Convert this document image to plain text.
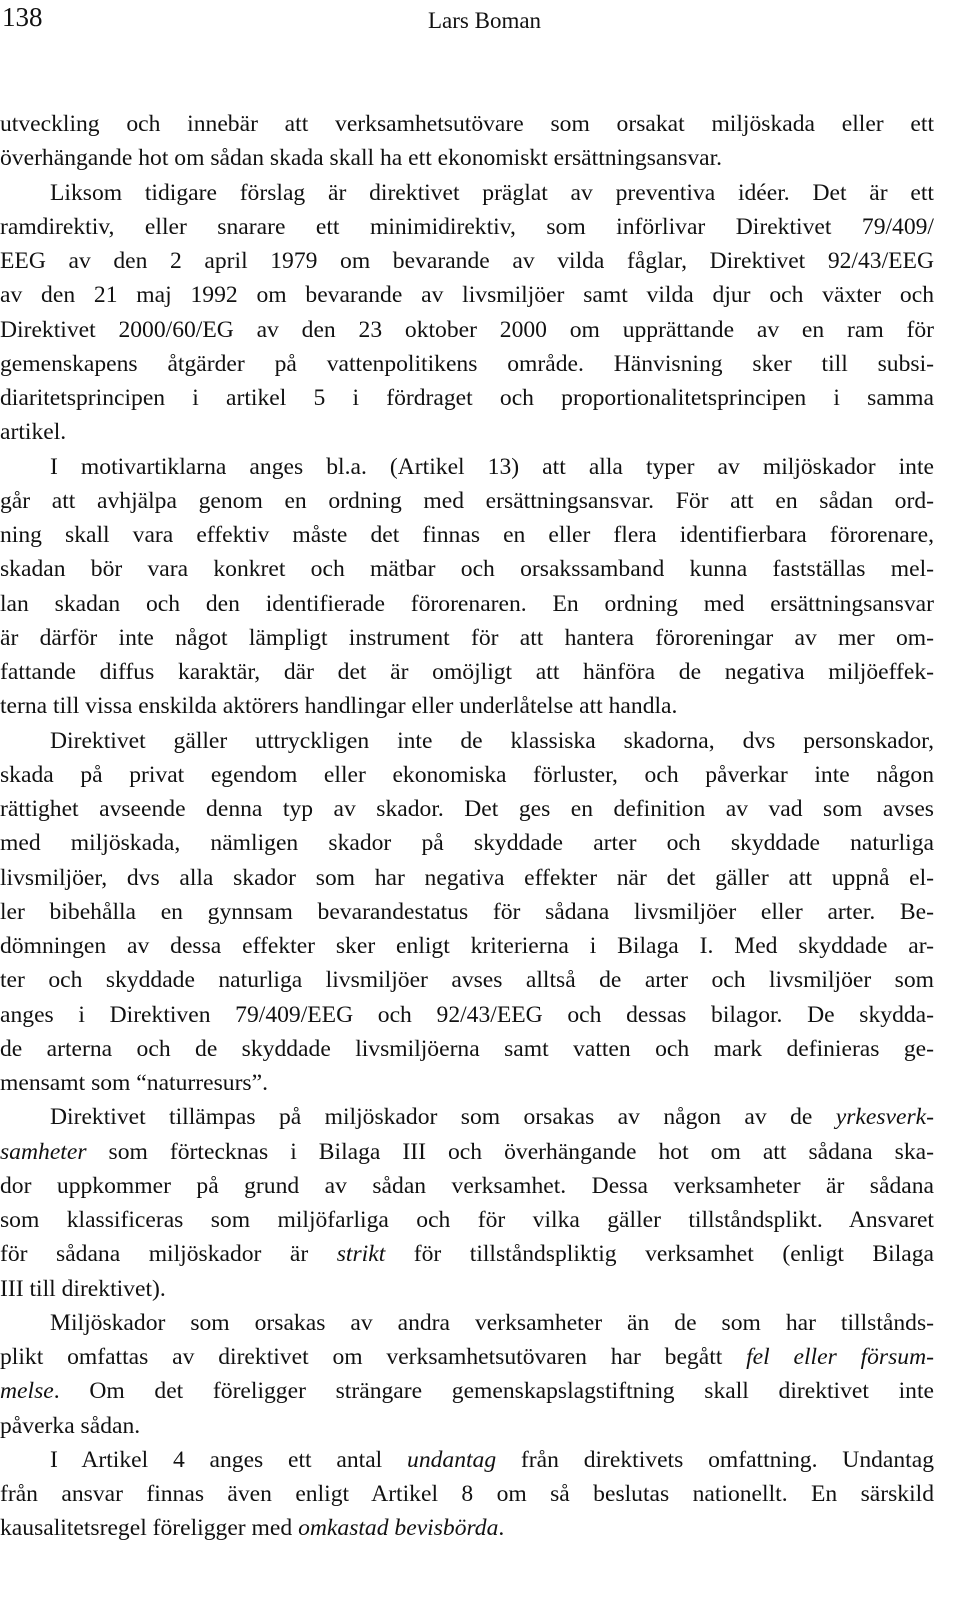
138	Lars Boman
utveckling och innebär att verksamhetsutövare som orsakat miljöskada eller ett
överhängande hot om sådan skada skall ha ett ekonomiskt ersättningsansvar.
Liksom tidigare förslag är direktivet präglat av preventiva idéer. Det är ett
ramdirektiv, eller snarare ett minimidirektiv, som införlivar Direktivet 79/409/
EEG av den 2 april 1979 om bevarande av vilda fåglar, Direktivet 92/43/EEG
av den 21 maj 1992 om bevarande av livsmiljöer samt vilda djur och växter och
Direktivet 2000/60/EG av den 23 oktober 2000 om upprättande av en ram för
gemenskapens åtgärder på vattenpolitikens område. Hänvisning sker till subsi-
diaritetsprincipen i artikel 5 i fördraget och proportionalitetsprincipen i samma
artikel.
I motivartiklarna anges bl.a. (Artikel 13) att alla typer av miljöskador inte
går att avhjälpa genom en ordning med ersättningsansvar. För att en sådan ord-
ning skall vara effektiv måste det finnas en eller flera identifierbara förorenare,
skadan bör vara konkret och mätbar och orsakssamband kunna fastställas mel-
lan skadan och den identifierade förorenaren. En ordning med ersättningsansvar
är därför inte något lämpligt instrument för att hantera föroreningar av mer om-
fattande diffus karaktär, där det är omöjligt att hänföra de negativa miljöeffek-
terna till vissa enskilda aktörers handlingar eller underlåtelse att handla.
Direktivet gäller uttryckligen inte de klassiska skadorna, dvs personskador,
skada på privat egendom eller ekonomiska förluster, och påverkar inte någon
rättighet avseende denna typ av skador. Det ges en definition av vad som avses
med miljöskada, nämligen skador på skyddade arter och skyddade naturliga
livsmiljöer, dvs alla skador som har negativa effekter när det gäller att uppnå el-
ler bibehålla en gynnsam bevarandestatus för sådana livsmiljöer eller arter. Be-
dömningen av dessa effekter sker enligt kriterierna i Bilaga I. Med skyddade ar-
ter och skyddade naturliga livsmiljöer avses alltså de arter och livsmiljöer som
anges i Direktiven 79/409/EEG och 92/43/EEG och dessas bilagor. De skydda-
de arterna och de skyddade livsmiljöerna samt vatten och mark definieras ge-
mensamt som “naturresurs”.
Direktivet tillämpas på miljöskador som orsakas av någon av de yrkesverk-
samheter som förtecknas i Bilaga III och överhängande hot om att sådana ska-
dor uppkommer på grund av sådan verksamhet. Dessa verksamheter är sådana
som klassificeras som miljöfarliga och för vilka gäller tillståndsplikt. Ansvaret
för sådana miljöskador är strikt för tillståndspliktig verksamhet (enligt Bilaga
III till direktivet).
Miljöskador som orsakas av andra verksamheter än de som har tillstånds-
plikt omfattas av direktivet om verksamhetsutövaren har begått fel eller försum-
melse. Om det föreligger strängare gemenskapslagstiftning skall direktivet inte
påverka sådan.
I Artikel 4 anges ett antal undantag från direktivets omfattning. Undantag
från ansvar finnas även enligt Artikel 8 om så beslutas nationellt. En särskild
kausalitetsregel föreligger med omkastad bevisbörda.
